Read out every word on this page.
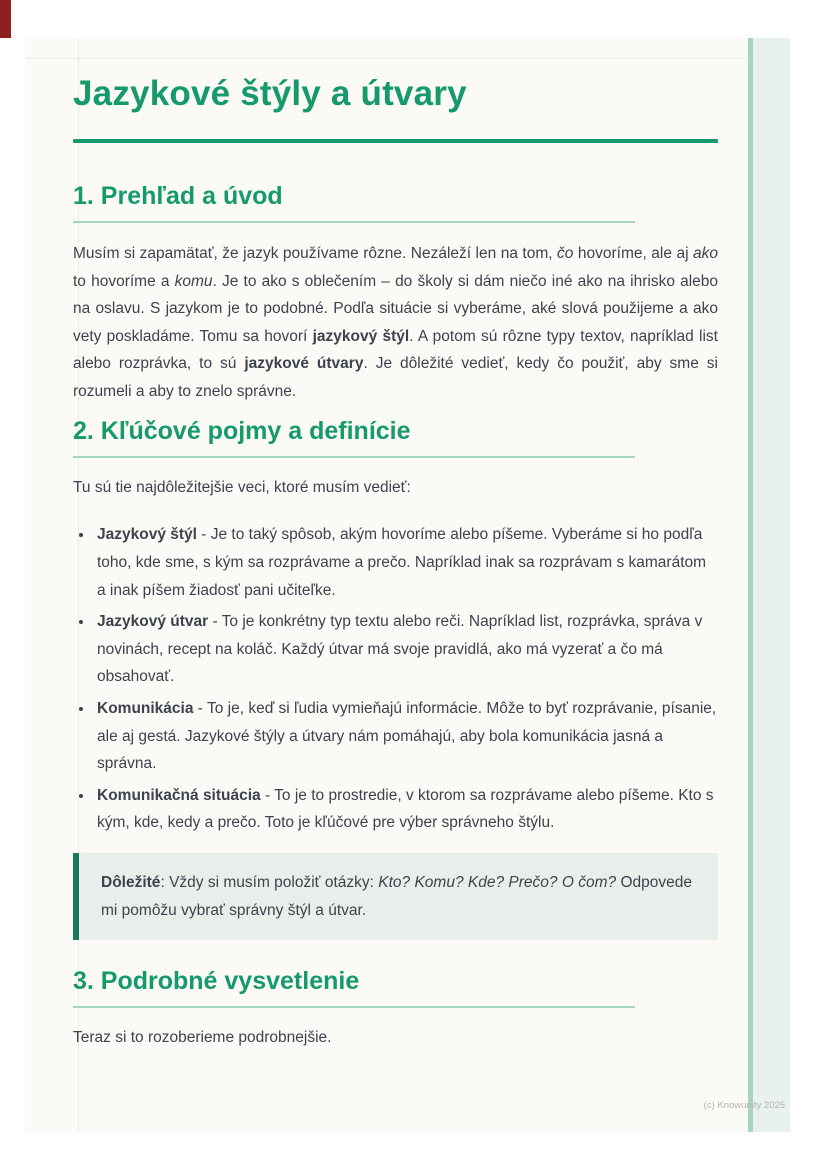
Jazykové štýly a útvary
1. Prehľad a úvod

Musím si zapamätať, že jazyk používame rôzne. Nezáleží len na tom, čo hovoríme, ale aj ako to hovoríme a komu. Je to ako s oblečením – do školy si dám niečo iné ako na ihrisko alebo na oslavu. S jazykom je to podobné. Podľa situácie si vyberáme, aké slová použijeme a ako vety poskladáme. Tomu sa hovorí jazykový štýl. A potom sú rôzne typy textov, napríklad list alebo rozprávka, to sú jazykové útvary. Je dôležité vedieť, kedy čo použiť, aby sme si rozumeli a aby to znelo správne.

2. Kľúčové pojmy a definície

Tu sú tie najdôležitejšie veci, ktoré musím vedieť:

• Jazykový štýl - Je to taký spôsob, akým hovoríme alebo píšeme. Vyberáme si ho podľa toho, kde sme, s kým sa rozprávame a prečo. Napríklad inak sa rozprávam s kamarátom a inak píšem žiadosť pani učiteľke.
• Jazykový útvar - To je konkrétny typ textu alebo reči. Napríklad list, rozprávka, správa v novinách, recept na koláč. Každý útvar má svoje pravidlá, ako má vyzerať a čo má obsahovať.
• Komunikácia - To je, keď si ľudia vymieňajú informácie. Môže to byť rozprávanie, písanie, ale aj gestá. Jazykové štýly a útvary nám pomáhajú, aby bola komunikácia jasná a správna.
• Komunikačná situácia - To je to prostredie, v ktorom sa rozprávame alebo píšeme. Kto s kým, kde, kedy a prečo. Toto je kľúčové pre výber správneho štýlu.
Dôležité: Vždy si musím položiť otázky: Kto? Komu? Kde? Prečo? O čom? Odpovede mi pomôžu vybrať správny štýl a útvar.
3. Podrobné vysvetlenie

Teraz si to rozoberieme podrobnejšie.

(c) Knowunity 2025
